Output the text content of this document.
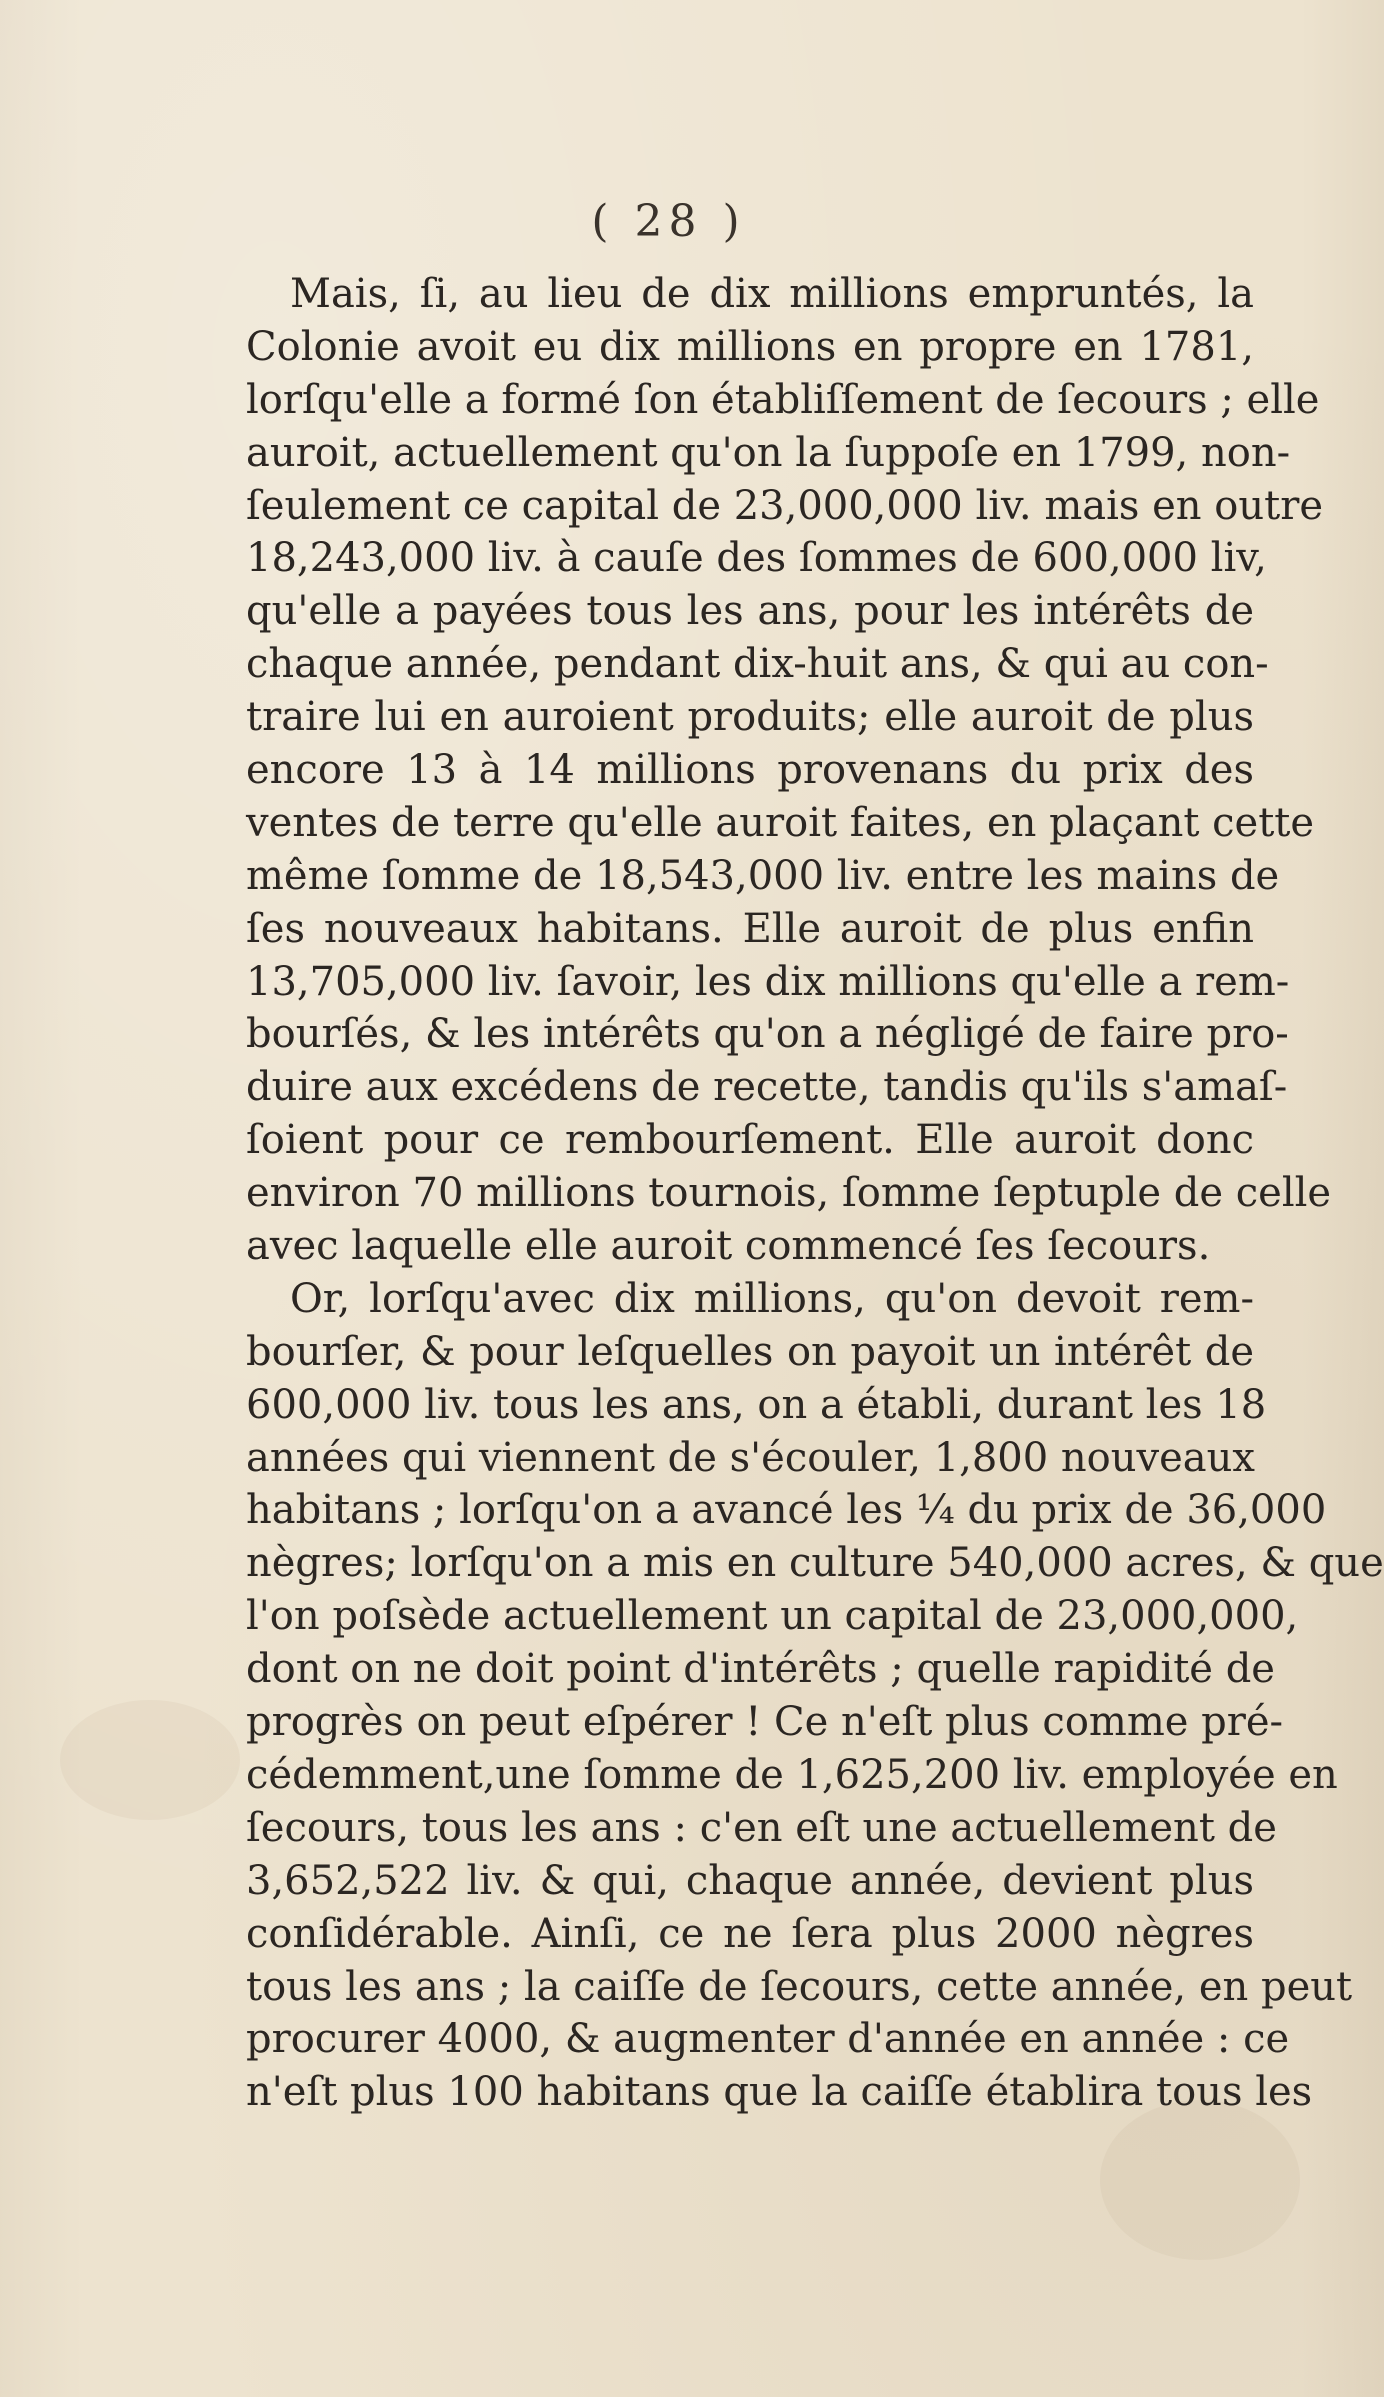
( 28 )
Mais, ſi, au lieu de dix millions empruntés, la
Colonie avoit eu dix millions en propre en 1781,
lorſqu'elle a formé ſon établiſſement de ſecours ; elle
auroit, actuellement qu'on la ſuppoſe en 1799, non-
ſeulement ce capital de 23,000,000 liv. mais en outre
18,243,000 liv. à cauſe des ſommes de 600,000 liv,
qu'elle a payées tous les ans, pour les intérêts de
chaque année, pendant dix-huit ans, & qui au con-
traire lui en auroient produits; elle auroit de plus
encore 13 à 14 millions provenans du prix des
ventes de terre qu'elle auroit faites, en plaçant cette
même ſomme de 18,543,000 liv. entre les mains de
ſes nouveaux habitans. Elle auroit de plus enfin
13,705,000 liv. ſavoir, les dix millions qu'elle a rem-
bourſés, & les intérêts qu'on a négligé de faire pro-
duire aux excédens de recette, tandis qu'ils s'amaſ-
ſoient pour ce rembourſement. Elle auroit donc
environ 70 millions tournois, ſomme ſeptuple de celle
avec laquelle elle auroit commencé ſes ſecours.
Or, lorſqu'avec dix millions, qu'on devoit rem-
bourſer, & pour leſquelles on payoit un intérêt de
600,000 liv. tous les ans, on a établi, durant les 18
années qui viennent de s'écouler, 1,800 nouveaux
habitans ; lorſqu'on a avancé les ¼ du prix de 36,000
nègres; lorſqu'on a mis en culture 540,000 acres, & que
l'on poſsède actuellement un capital de 23,000,000,
dont on ne doit point d'intérêts ; quelle rapidité de
progrès on peut eſpérer ! Ce n'eſt plus comme pré-
cédemment,une ſomme de 1,625,200 liv. employée en
ſecours, tous les ans : c'en eſt une actuellement de
3,652,522 liv. & qui, chaque année, devient plus
conſidérable. Ainſi, ce ne ſera plus 2000 nègres
tous les ans ; la caiſſe de ſecours, cette année, en peut
procurer 4000, & augmenter d'année en année : ce
n'eſt plus 100 habitans que la caiſſe établira tous les
